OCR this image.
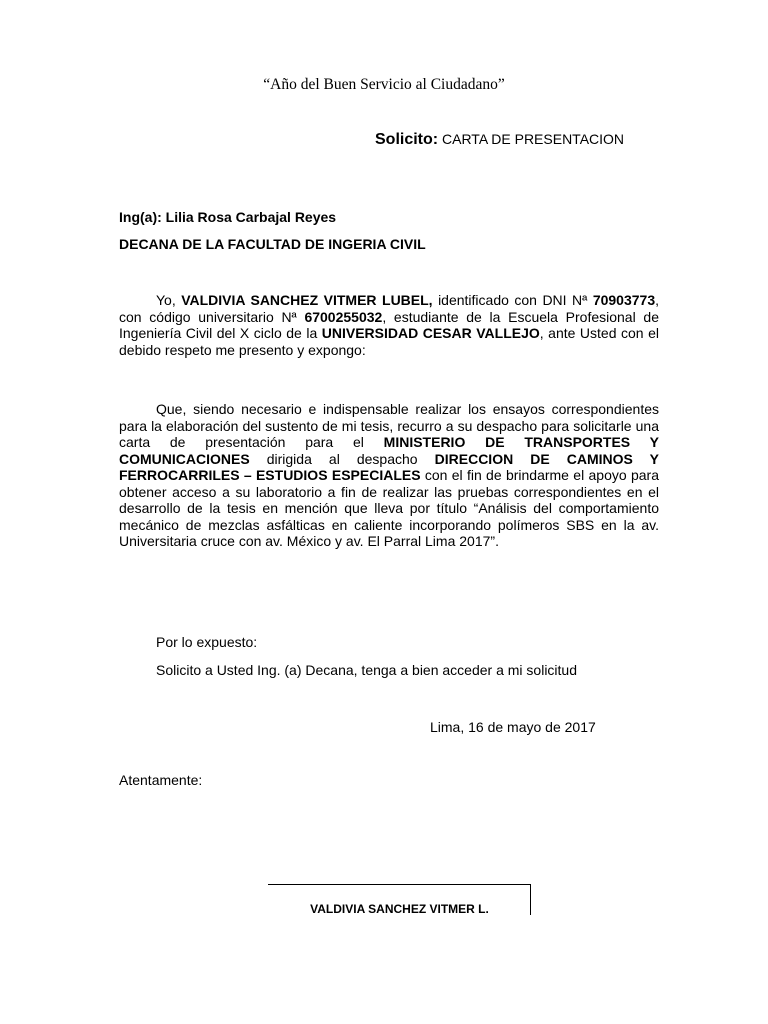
“Año del Buen Servicio al Ciudadano”
Solicito: CARTA DE PRESENTACION
Ing(a): Lilia Rosa Carbajal Reyes
DECANA DE LA FACULTAD DE INGERIA CIVIL
Yo, VALDIVIA SANCHEZ VITMER LUBEL, identificado con DNI Nª 70903773, con código universitario Nª 6700255032, estudiante de la Escuela Profesional de Ingeniería Civil del X ciclo de la UNIVERSIDAD CESAR VALLEJO, ante Usted con el debido respeto me presento y expongo:
Que, siendo necesario e indispensable realizar los ensayos correspondientes para la elaboración del sustento de mi tesis, recurro a su despacho para solicitarle una carta de presentación para el MINISTERIO DE TRANSPORTES Y COMUNICACIONES dirigida al despacho DIRECCION DE CAMINOS Y FERROCARRILES – ESTUDIOS ESPECIALES con el fin de brindarme el apoyo para obtener acceso a su laboratorio a fin de realizar las pruebas correspondientes en el desarrollo de la tesis en mención que lleva por título “Análisis del comportamiento mecánico de mezclas asfálticas en caliente incorporando polímeros SBS en la av. Universitaria cruce con av. México y av. El Parral Lima 2017”.
Por lo expuesto:
Solicito a Usted Ing. (a) Decana, tenga a bien acceder a mi solicitud
Lima, 16 de mayo de 2017
Atentamente:
VALDIVIA SANCHEZ VITMER L.
